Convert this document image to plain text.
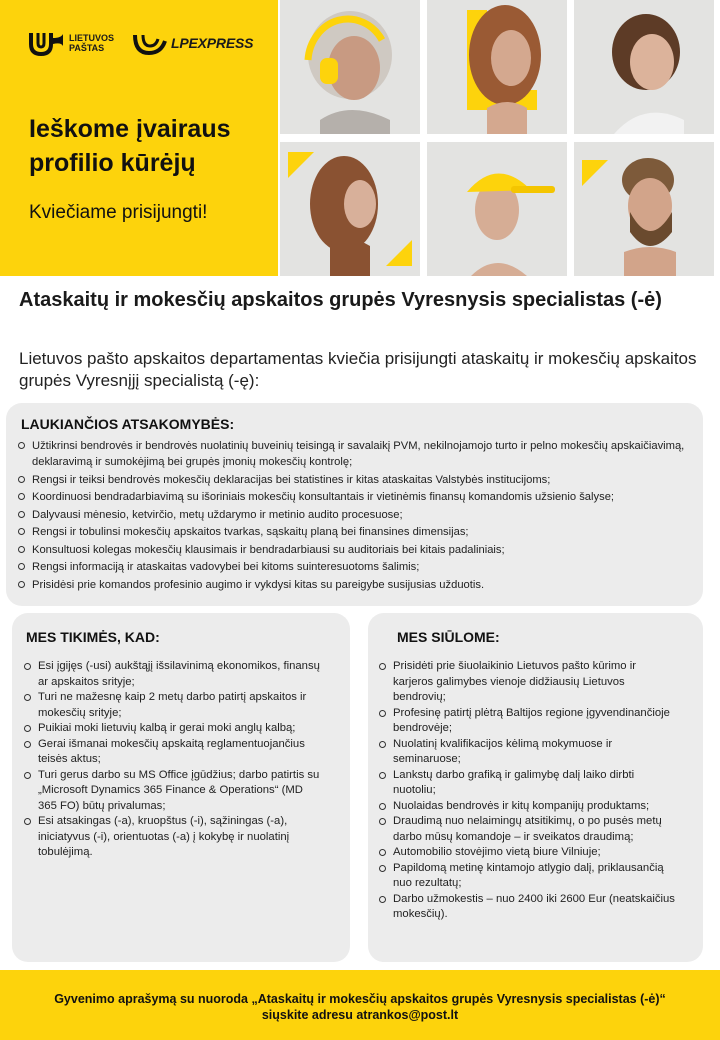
LIETUVOS PAŠTAS	LPEXPRESS
Ieškome įvairaus profilio kūrėjų
Kviečiame prisijungti!
Ataskaitų ir mokesčių apskaitos grupės Vyresnysis specialistas (-ė)
Lietuvos pašto apskaitos departamentas kviečia prisijungti ataskaitų ir mokesčių apskaitos grupės Vyresnįjį specialistą (-ę):
LAUKIANČIOS ATSAKOMYBĖS:
Užtikrinsi bendrovės ir bendrovės nuolatinių buveinių teisingą ir savalaikį PVM, nekilnojamojo turto ir pelno mokesčių apskaičiavimą, deklaravimą ir sumokėjimą bei grupės įmonių mokesčių kontrolę;
Rengsi ir teiksi bendrovės mokesčių deklaracijas bei statistines ir kitas ataskaitas Valstybės institucijoms;
Koordinuosi bendradarbiavimą su išoriniais mokesčių konsultantais ir vietinėmis finansų komandomis užsienio šalyse;
Dalyvausi mėnesio, ketvirčio, metų uždarymo ir metinio audito procesuose;
Rengsi ir tobulinsi mokesčių apskaitos tvarkas, sąskaitų planą bei finansines dimensijas;
Konsultuosi kolegas mokesčių klausimais ir bendradarbiausi su auditoriais bei kitais padaliniais;
Rengsi informaciją ir ataskaitas vadovybei bei kitoms suinteresuotoms šalimis;
Prisidėsi prie komandos profesinio augimo ir vykdysi kitas su pareigybe susijusias užduotis.
MES TIKIMĖS, KAD:
Esi įgijęs (-usi) aukštąjį išsilavinimą ekonomikos, finansų ar apskaitos srityje;
Turi ne mažesnę kaip 2 metų darbo patirtį apskaitos ir mokesčių srityje;
Puikiai moki lietuvių kalbą ir gerai moki anglų kalbą;
Gerai išmanai mokesčių apskaitą reglamentuojančius teisės aktus;
Turi gerus darbo su MS Office įgūdžius; darbo patirtis su „Microsoft Dynamics 365 Finance & Operations“ (MD 365 FO) būtų privalumas;
Esi atsakingas (-a), kruopštus (-i), sąžiningas (-a), iniciatyvus (-i), orientuotas (-a) į kokybę ir nuolatinį tobulėjimą.
MES SIŪLOME:
Prisidėti prie šiuolaikinio Lietuvos pašto kūrimo ir karjeros galimybes vienoje didžiausių Lietuvos bendrovių;
Profesinę patirtį plėtrą Baltijos regione įgyvendinančioje bendrovėje;
Nuolatinį kvalifikacijos kėlimą mokymuose ir seminaruose;
Lankstų darbo grafiką ir galimybę dalį laiko dirbti nuotoliu;
Nuolaidas bendrovės ir kitų kompanijų produktams;
Draudimą nuo nelaimingų atsitikimų, o po pusės metų darbo mūsų komandoje – ir sveikatos draudimą;
Automobilio stovėjimo vietą biure Vilniuje;
Papildomą metinę kintamojo atlygio dalį, priklausančią nuo rezultatų;
Darbo užmokestis – nuo 2400 iki 2600 Eur (neatskaičius mokesčių).
Gyvenimo aprašymą su nuoroda „Ataskaitų ir mokesčių apskaitos grupės Vyresnysis specialistas (-ė)“
siųskite adresu atrankos@post.lt
